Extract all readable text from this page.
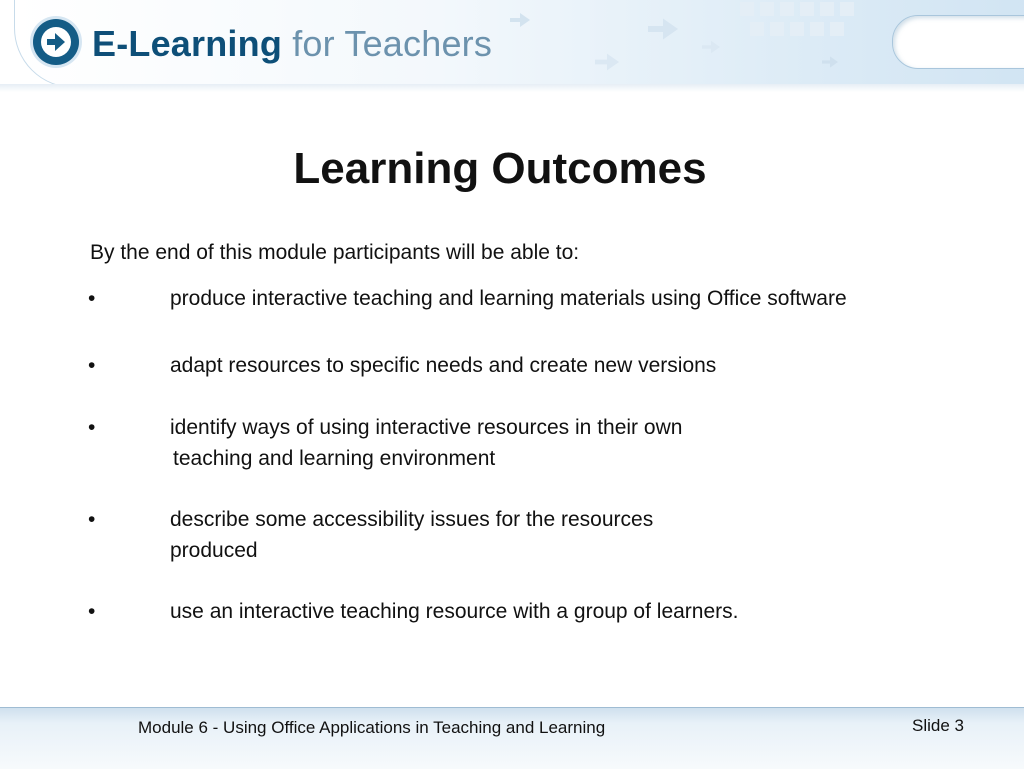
E-Learning for Teachers
Learning Outcomes
By the end of this module participants will be able to:
•	produce interactive teaching and learning materials using Office software
•	adapt resources to specific needs and create new versions
•	identify ways of using interactive resources in their own
teaching and learning environment
•	describe some accessibility issues for the resources
produced
•	use an interactive teaching resource with a group of learners.
Module 6 - Using Office Applications in Teaching and Learning	Slide 3
